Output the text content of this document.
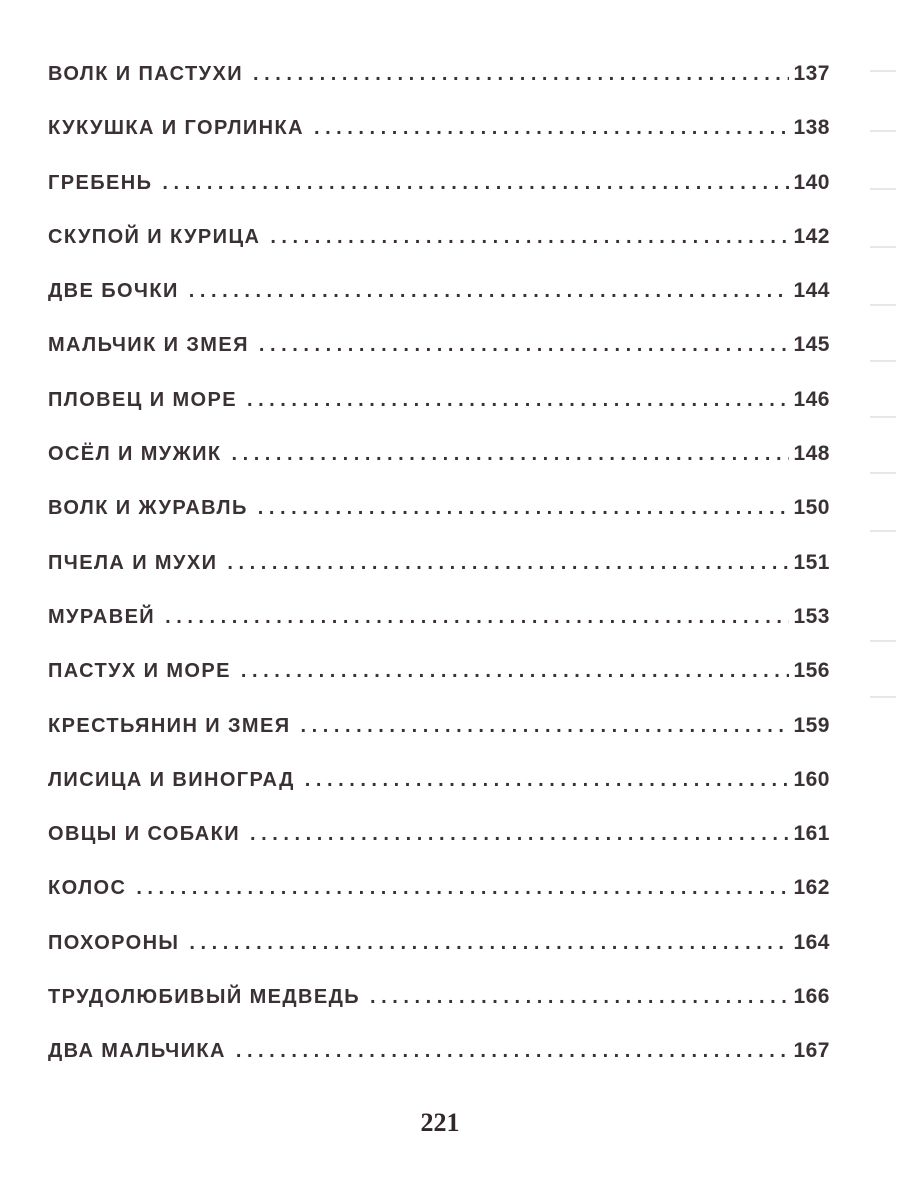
ВОЛК И ПАСТУХИ . . .	137
КУКУШКА И ГОРЛИНКА . . .	138
ГРЕБЕНЬ . . .	140
СКУПОЙ И КУРИЦА . . .	142
ДВЕ БОЧКИ . . .	144
МАЛЬЧИК И ЗМЕЯ . . .	145
ПЛОВЕЦ И МОРЕ . . .	146
ОСЁЛ И МУЖИК . . .	148
ВОЛК И ЖУРАВЛЬ . . .	150
ПЧЕЛА И МУХИ . . .	151
МУРАВЕЙ . . .	153
ПАСТУХ И МОРЕ . . .	156
КРЕСТЬЯНИН И ЗМЕЯ . . .	159
ЛИСИЦА И ВИНОГРАД . . .	160
ОВЦЫ И СОБАКИ . . .	161
КОЛОС . . .	162
ПОХОРОНЫ . . .	164
ТРУДОЛЮБИВЫЙ МЕДВЕДЬ . . .	166
ДВА МАЛЬЧИКА . . .	167
221
